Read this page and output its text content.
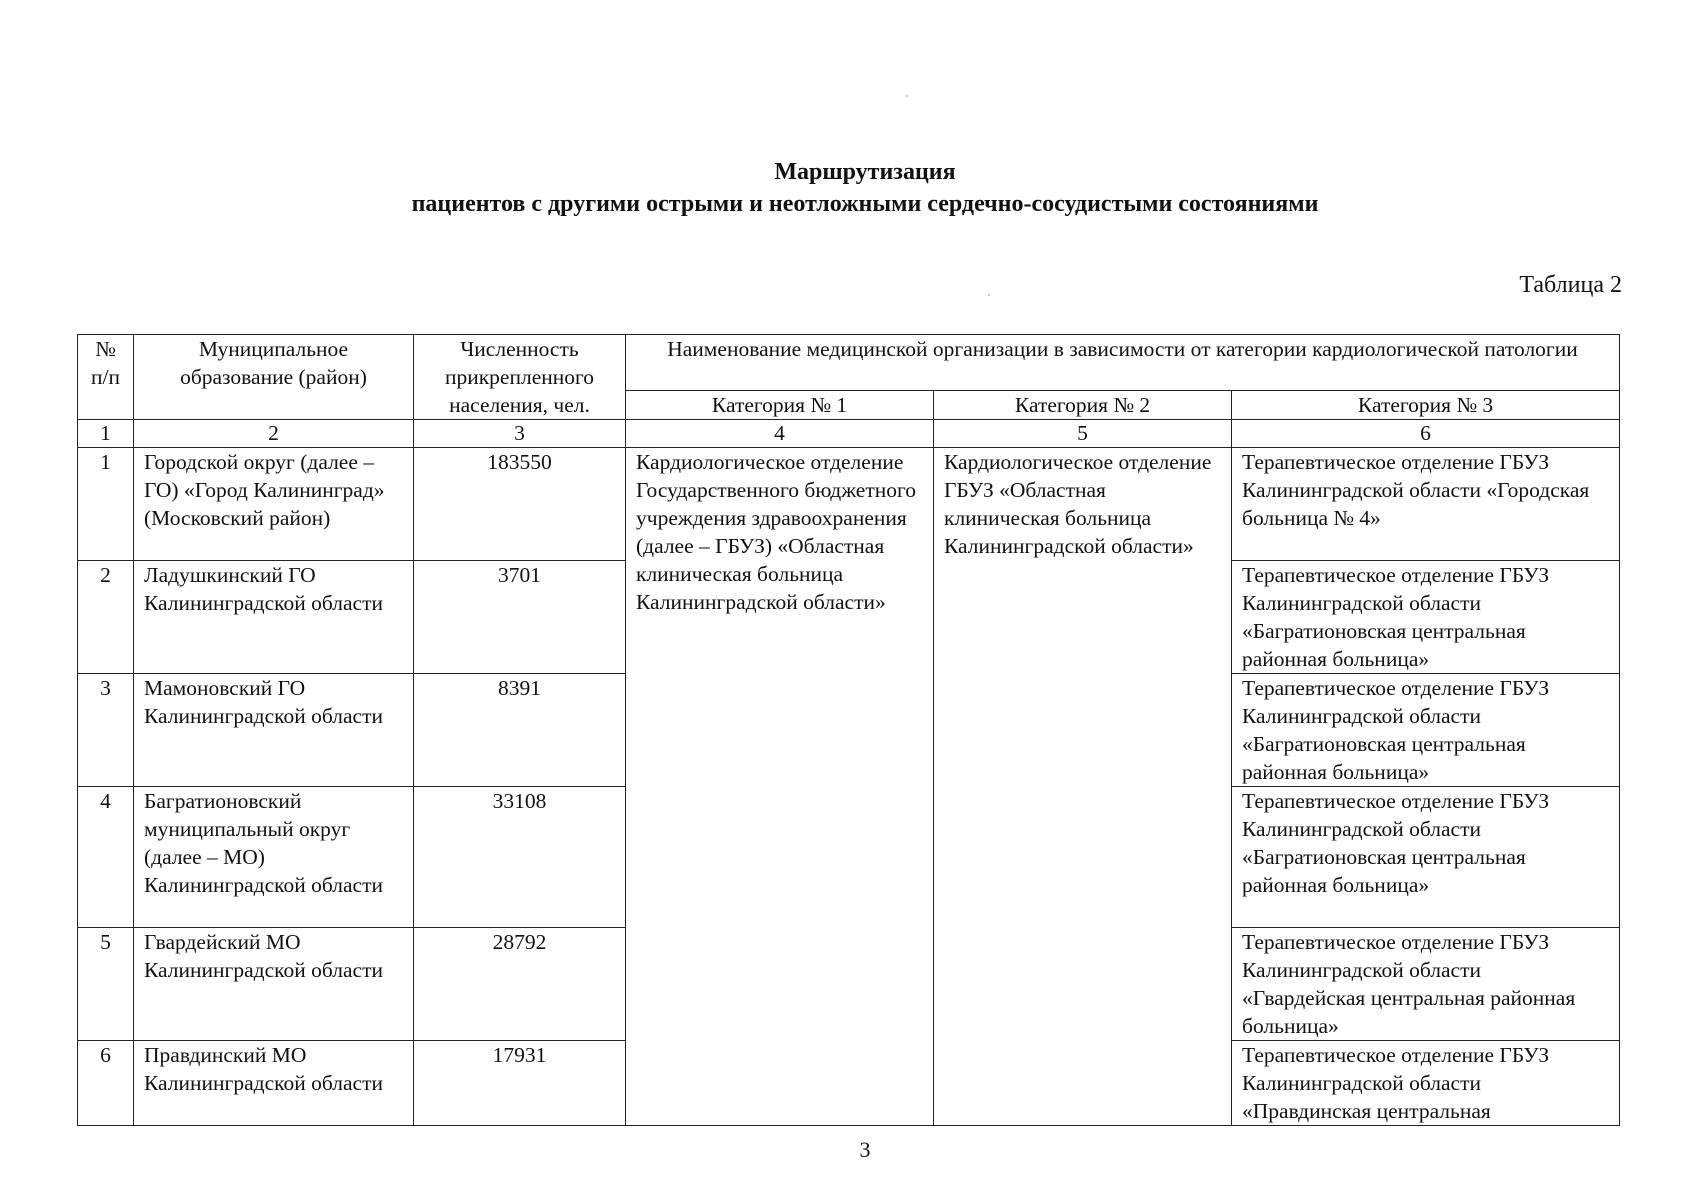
Маршрутизация
пациентов с другими острыми и неотложными сердечно-сосудистыми состояниями
Таблица 2
№ п/п	Муниципальное образование (район)	Численность прикрепленного населения, чел.	Наименование медицинской организации в зависимости от категории кардиологической патологии		
			Категория № 1	Категория № 2	Категория № 3
1	2	3	4	5	6
1	Городской округ (далее – ГО) «Город Калининград» (Московский район)	183550	Кардиологическое отделение Государственного бюджетного учреждения здравоохранения (далее – ГБУЗ) «Областная клиническая больница Калининградской области»	Кардиологическое отделение ГБУЗ «Областная клиническая больница Калининградской области»	Терапевтическое отделение ГБУЗ Калининградской области «Городская больница № 4»
2	Ладушкинский ГО Калининградской области	3701			Терапевтическое отделение ГБУЗ Калининградской области «Багратионовская центральная районная больница»
3	Мамоновский ГО Калининградской области	8391			Терапевтическое отделение ГБУЗ Калининградской области «Багратионовская центральная районная больница»
4	Багратионовский муниципальный округ (далее – МО) Калининградской области	33108			Терапевтическое отделение ГБУЗ Калининградской области «Багратионовская центральная районная больница»
5	Гвардейский МО Калининградской области	28792			Терапевтическое отделение ГБУЗ Калининградской области «Гвардейская центральная районная больница»
6	Правдинский МО Калининградской области	17931			Терапевтическое отделение ГБУЗ Калининградской области «Правдинская центральная
3
